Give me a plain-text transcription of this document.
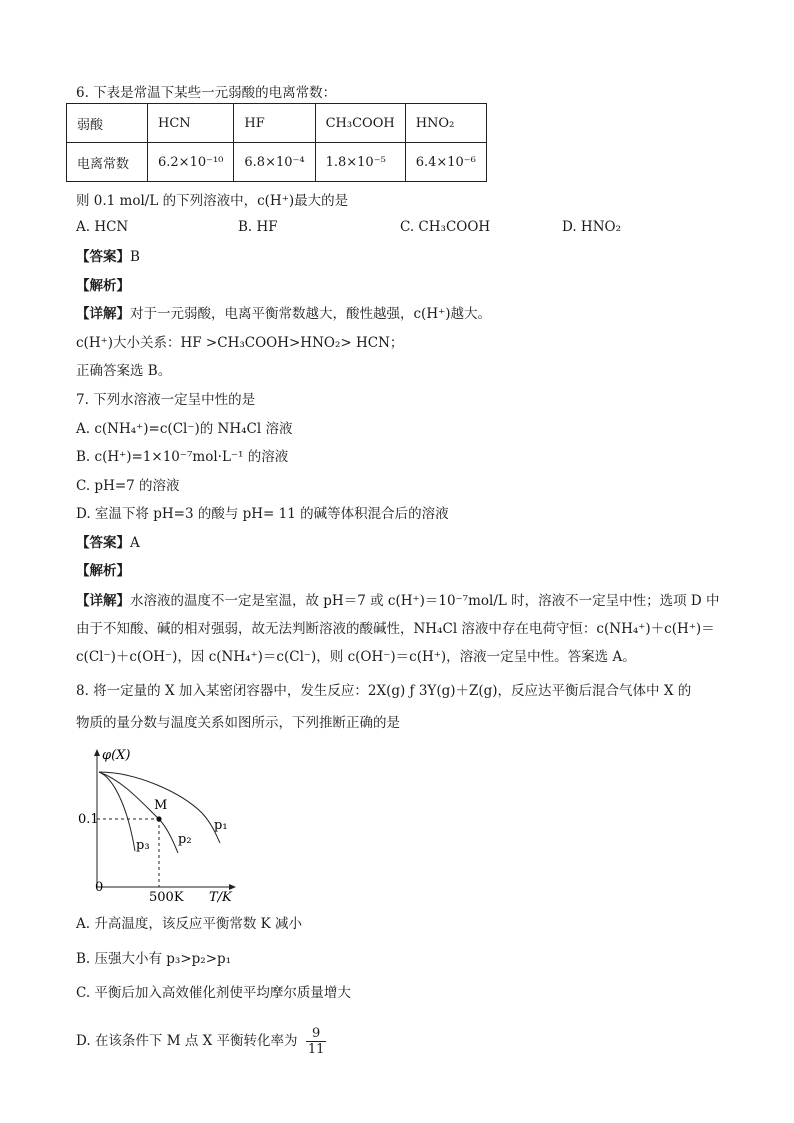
6. 下表是常温下某些一元弱酸的电离常数：
弱酸	HCN	HF	CH₃COOH	HNO₂
电离常数	6.2×10⁻¹⁰	6.8×10⁻⁴	1.8×10⁻⁵	6.4×10⁻⁶
则 0.1 mol/L 的下列溶液中，c(H⁺)最大的是
A. HCN	B. HF	C. CH₃COOH	D. HNO₂
【答案】B
【解析】
【详解】对于一元弱酸，电离平衡常数越大，酸性越强，c(H⁺)越大。
c(H⁺)大小关系：HF >CH₃COOH>HNO₂> HCN；
正确答案选 B。
7. 下列水溶液一定呈中性的是
A. c(NH₄⁺)=c(Cl⁻)的 NH₄Cl 溶液
B. c(H⁺)=1×10⁻⁷mol·L⁻¹ 的溶液
C. pH=7 的溶液
D. 室温下将 pH=3 的酸与 pH= 11 的碱等体积混合后的溶液
【答案】A
【解析】
【详解】水溶液的温度不一定是室温，故 pH＝7 或 c(H⁺)＝10⁻⁷mol/L 时，溶液不一定呈中性；选项 D 中由于不知酸、碱的相对强弱，故无法判断溶液的酸碱性，NH₄Cl 溶液中存在电荷守恒：c(NH₄⁺)＋c(H⁺)＝c(Cl⁻)＋c(OH⁻)，因 c(NH₄⁺)＝c(Cl⁻)，则 c(OH⁻)＝c(H⁺)，溶液一定呈中性。答案选 A。
8. 将一定量的 X 加入某密闭容器中，发生反应：2X(g) ƒ 3Y(g)＋Z(g)，反应达平衡后混合气体中 X 的
物质的量分数与温度关系如图所示，下列推断正确的是
φ(X)
0.1
0
500K T/K
M
p₁
p₂
p₃
A. 升高温度，该反应平衡常数 K 减小
B. 压强大小有 p₃>p₂>p₁
C. 平衡后加入高效催化剂使平均摩尔质量增大
D. 在该条件下 M 点 X 平衡转化率为 $\frac{9}{11}$
